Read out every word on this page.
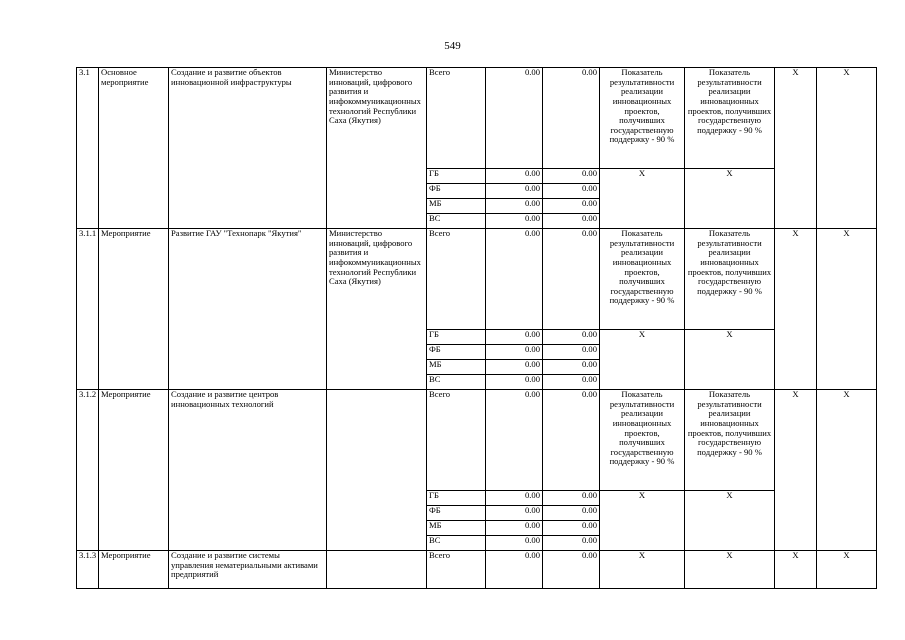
549
3.1	Основное мероприятие	Создание и развитие объектов инновационной инфраструктуры	Министерство инноваций, цифрового развития и инфокоммуникационных технологий Республики Саха (Якутия)	Всего	0.00	0.00	Показатель результативности реализации инновационных проектов, получивших государственную поддержку - 90 %	Показатель результативности реализации инновационных проектов, получивших государственную поддержку - 90 %	X	X
				ГБ	0.00	0.00	X	X		
				ФБ	0.00	0.00				
				МБ	0.00	0.00				
				ВС	0.00	0.00				
3.1.1	Мероприятие	Развитие ГАУ "Технопарк "Якутия"	Министерство инноваций, цифрового развития и инфокоммуникационных технологий Республики Саха (Якутия)	Всего	0.00	0.00	Показатель результативности реализации инновационных проектов, получивших государственную поддержку - 90 %	Показатель результативности реализации инновационных проектов, получивших государственную поддержку - 90 %	X	X
				ГБ	0.00	0.00	X	X		
				ФБ	0.00	0.00				
				МБ	0.00	0.00				
				ВС	0.00	0.00				
3.1.2	Мероприятие	Создание и развитие центров инновационных технологий		Всего	0.00	0.00	Показатель результативности реализации инновационных проектов, получивших государственную поддержку - 90 %	Показатель результативности реализации инновационных проектов, получивших государственную поддержку - 90 %	X	X
				ГБ	0.00	0.00	X	X		
				ФБ	0.00	0.00				
				МБ	0.00	0.00				
				ВС	0.00	0.00				
3.1.3	Мероприятие	Создание и развитие системы управления нематериальными активами предприятий		Всего	0.00	0.00	X	X	X	X
